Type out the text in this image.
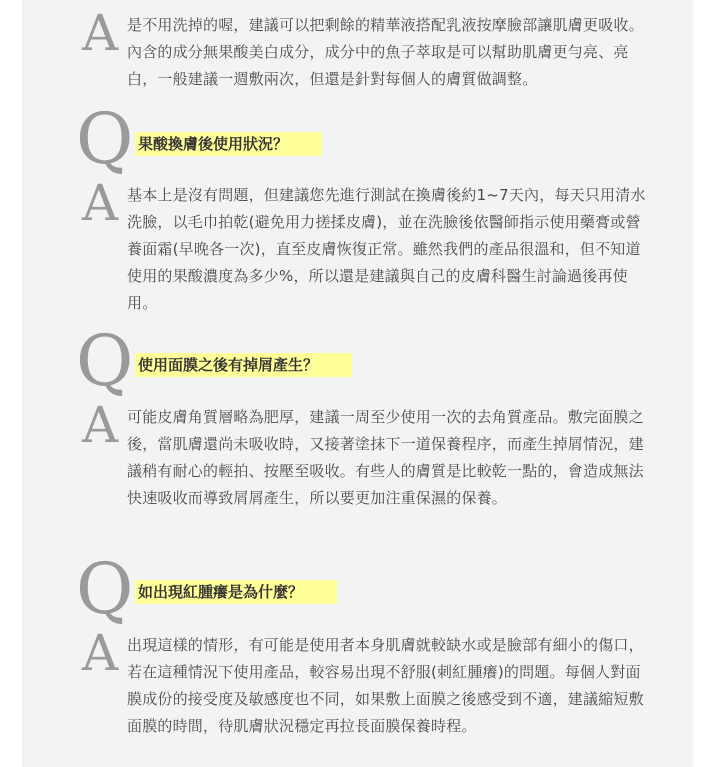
A 是不用洗掉的喔，建議可以把剩餘的精華液搭配乳液按摩臉部讓肌膚更吸收。內含的成分無果酸美白成分，成分中的魚子萃取是可以幫助肌膚更勻亮、亮白，一般建議一週敷兩次，但還是針對每個人的膚質做調整。

Q 果酸換膚後使用狀況？
A 基本上是沒有問題，但建議您先進行測試在換膚後約1~7天內，每天只用清水洗臉，以毛巾拍乾(避免用力搓揉皮膚)，並在洗臉後依醫師指示使用藥膏或營養面霜(早晚各一次)，直至皮膚恢復正常。雖然我們的產品很溫和，但不知道使用的果酸濃度為多少%，所以還是建議與自己的皮膚科醫生討論過後再使用。

Q 使用面膜之後有掉屑產生？
A 可能皮膚角質層略為肥厚，建議一周至少使用一次的去角質產品。敷完面膜之後，當肌膚還尚未吸收時，又接著塗抹下一道保養程序，而產生掉屑情況，建議稍有耐心的輕拍、按壓至吸收。有些人的膚質是比較乾一點的，會造成無法快速吸收而導致屑屑產生，所以要更加注重保濕的保養。

Q 如出現紅腫癢是為什麼？
A 出現這樣的情形，有可能是使用者本身肌膚就較缺水或是臉部有細小的傷口，若在這種情況下使用產品，較容易出現不舒服(刺紅腫癢)的問題。每個人對面膜成份的接受度及敏感度也不同，如果敷上面膜之後感受到不適，建議縮短敷面膜的時間，待肌膚狀況穩定再拉長面膜保養時程。
